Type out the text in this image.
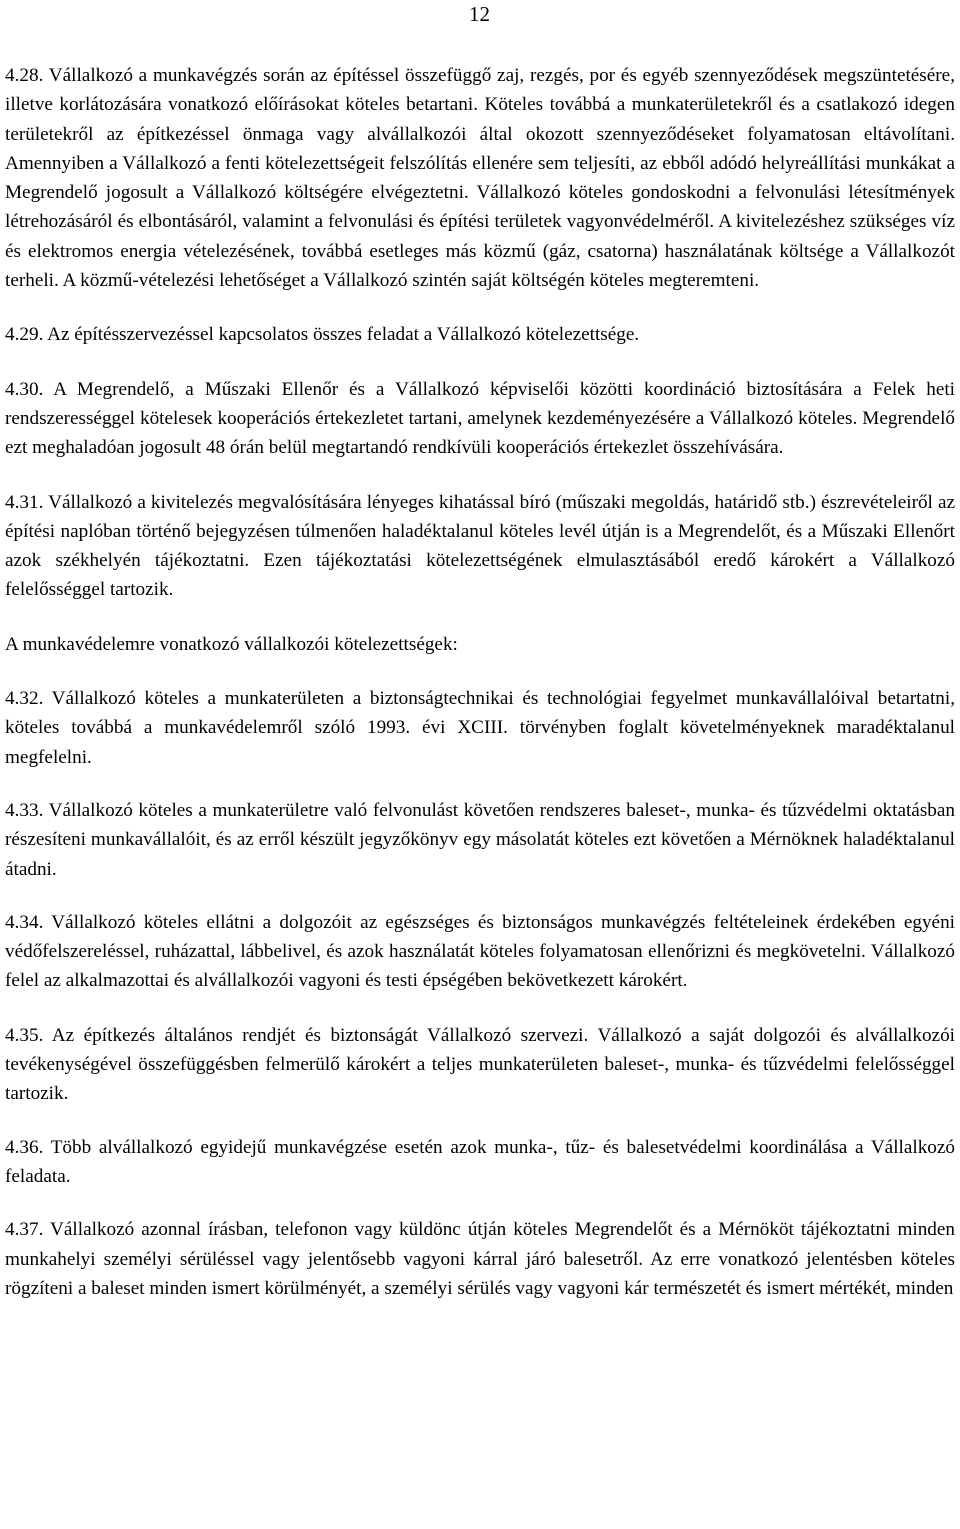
12

4.28. Vállalkozó a munkavégzés során az építéssel összefüggő zaj, rezgés, por és egyéb szennyeződések megszüntetésére, illetve korlátozására vonatkozó előírásokat köteles betartani. Köteles továbbá a munkaterületekről és a csatlakozó idegen területekről az építkezéssel önmaga vagy alvállalkozói által okozott szennyeződéseket folyamatosan eltávolítani. Amennyiben a Vállalkozó a fenti kötelezettségeit felszólítás ellenére sem teljesíti, az ebből adódó helyreállítási munkákat a Megrendelő jogosult a Vállalkozó költségére elvégeztetni. Vállalkozó köteles gondoskodni a felvonulási létesítmények létrehozásáról és elbontásáról, valamint a felvonulási és építési területek vagyonvédelméről. A kivitelezéshez szükséges víz és elektromos energia vételezésének, továbbá esetleges más közmű (gáz, csatorna) használatának költsége a Vállalkozót terheli. A közmű-vételezési lehetőséget a Vállalkozó szintén saját költségén köteles megteremteni.

4.29. Az építésszervezéssel kapcsolatos összes feladat a Vállalkozó kötelezettsége.

4.30. A Megrendelő, a Műszaki Ellenőr és a Vállalkozó képviselői közötti koordináció biztosítására a Felek heti rendszerességgel kötelesek kooperációs értekezletet tartani, amelynek kezdeményezésére a Vállalkozó köteles. Megrendelő ezt meghaladóan jogosult 48 órán belül megtartandó rendkívüli kooperációs értekezlet összehívására.

4.31. Vállalkozó a kivitelezés megvalósítására lényeges kihatással bíró (műszaki megoldás, határidő stb.) észrevételeiről az építési naplóban történő bejegyzésen túlmenően haladéktalanul köteles levél útján is a Megrendelőt, és a Műszaki Ellenőrt azok székhelyén tájékoztatni. Ezen tájékoztatási kötelezettségének elmulasztásából eredő károkért a Vállalkozó felelősséggel tartozik.

A munkavédelemre vonatkozó vállalkozói kötelezettségek:

4.32. Vállalkozó köteles a munkaterületen a biztonságtechnikai és technológiai fegyelmet munkavállalóival betartatni, köteles továbbá a munkavédelemről szóló 1993. évi XCIII. törvényben foglalt követelményeknek maradéktalanul megfelelni.

4.33. Vállalkozó köteles a munkaterületre való felvonulást követően rendszeres baleset-, munka- és tűzvédelmi oktatásban részesíteni munkavállalóit, és az erről készült jegyzőkönyv egy másolatát köteles ezt követően a Mérnöknek haladéktalanul átadni.

4.34. Vállalkozó köteles ellátni a dolgozóit az egészséges és biztonságos munkavégzés feltételeinek érdekében egyéni védőfelszereléssel, ruházattal, lábbelivel, és azok használatát köteles folyamatosan ellenőrizni és megkövetelni. Vállalkozó felel az alkalmazottai és alvállalkozói vagyoni és testi épségében bekövetkezett károkért.

4.35. Az építkezés általános rendjét és biztonságát Vállalkozó szervezi. Vállalkozó a saját dolgozói és alvállalkozói tevékenységével összefüggésben felmerülő károkért a teljes munkaterületen baleset-, munka- és tűzvédelmi felelősséggel tartozik.

4.36. Több alvállalkozó egyidejű munkavégzése esetén azok munka-, tűz- és balesetvédelmi koordinálása a Vállalkozó feladata.

4.37. Vállalkozó azonnal írásban, telefonon vagy küldönc útján köteles Megrendelőt és a Mérnököt tájékoztatni minden munkahelyi személyi sérüléssel vagy jelentősebb vagyoni kárral járó balesetről. Az erre vonatkozó jelentésben köteles rögzíteni a baleset minden ismert körülményét, a személyi sérülés vagy vagyoni kár természetét és ismert mértékét, minden
